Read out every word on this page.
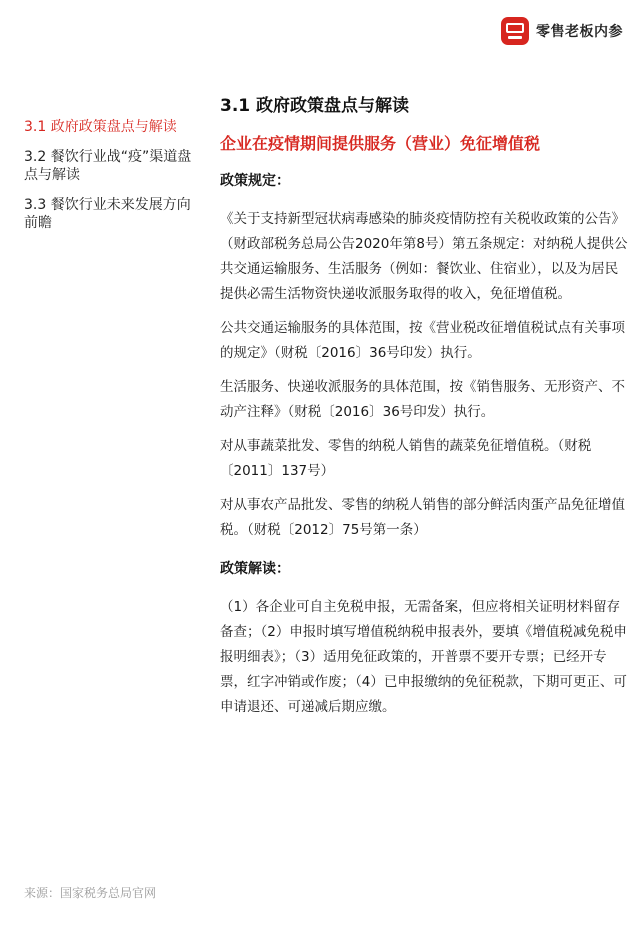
零售老板内参
3.1 政府政策盘点与解读
3.2 餐饮行业战“疫”渠道盘点与解读
3.3 餐饮行业未来发展方向前瞻
3.1 政府政策盘点与解读
企业在疫情期间提供服务（营业）免征增值税
政策规定：

《关于支持新型冠状病毒感染的肺炎疫情防控有关税收政策的公告》（财政部税务总局公告2020年第8号）第五条规定：对纳税人提供公共交通运输服务、生活服务（例如：餐饮业、住宿业），以及为居民提供必需生活物资快递收派服务取得的收入，免征增值税。

公共交通运输服务的具体范围，按《营业税改征增值税试点有关事项的规定》（财税〔2016〕36号印发）执行。

生活服务、快递收派服务的具体范围，按《销售服务、无形资产、不动产注释》（财税〔2016〕36号印发）执行。

对从事蔬菜批发、零售的纳税人销售的蔬菜免征增值税。（财税〔2011〕137号）

对从事农产品批发、零售的纳税人销售的部分鲜活肉蛋产品免征增值税。（财税〔2012〕75号第一条）

政策解读：

（1）各企业可自主免税申报，无需备案，但应将相关证明材料留存备查；（2）申报时填写增值税纳税申报表外，要填《增值税减免税申报明细表》；（3）适用免征政策的，开普票不要开专票；已经开专票，红字冲销或作废；（4）已申报缴纳的免征税款，下期可更正、可申请退还、可递减后期应缴。

来源：国家税务总局官网
